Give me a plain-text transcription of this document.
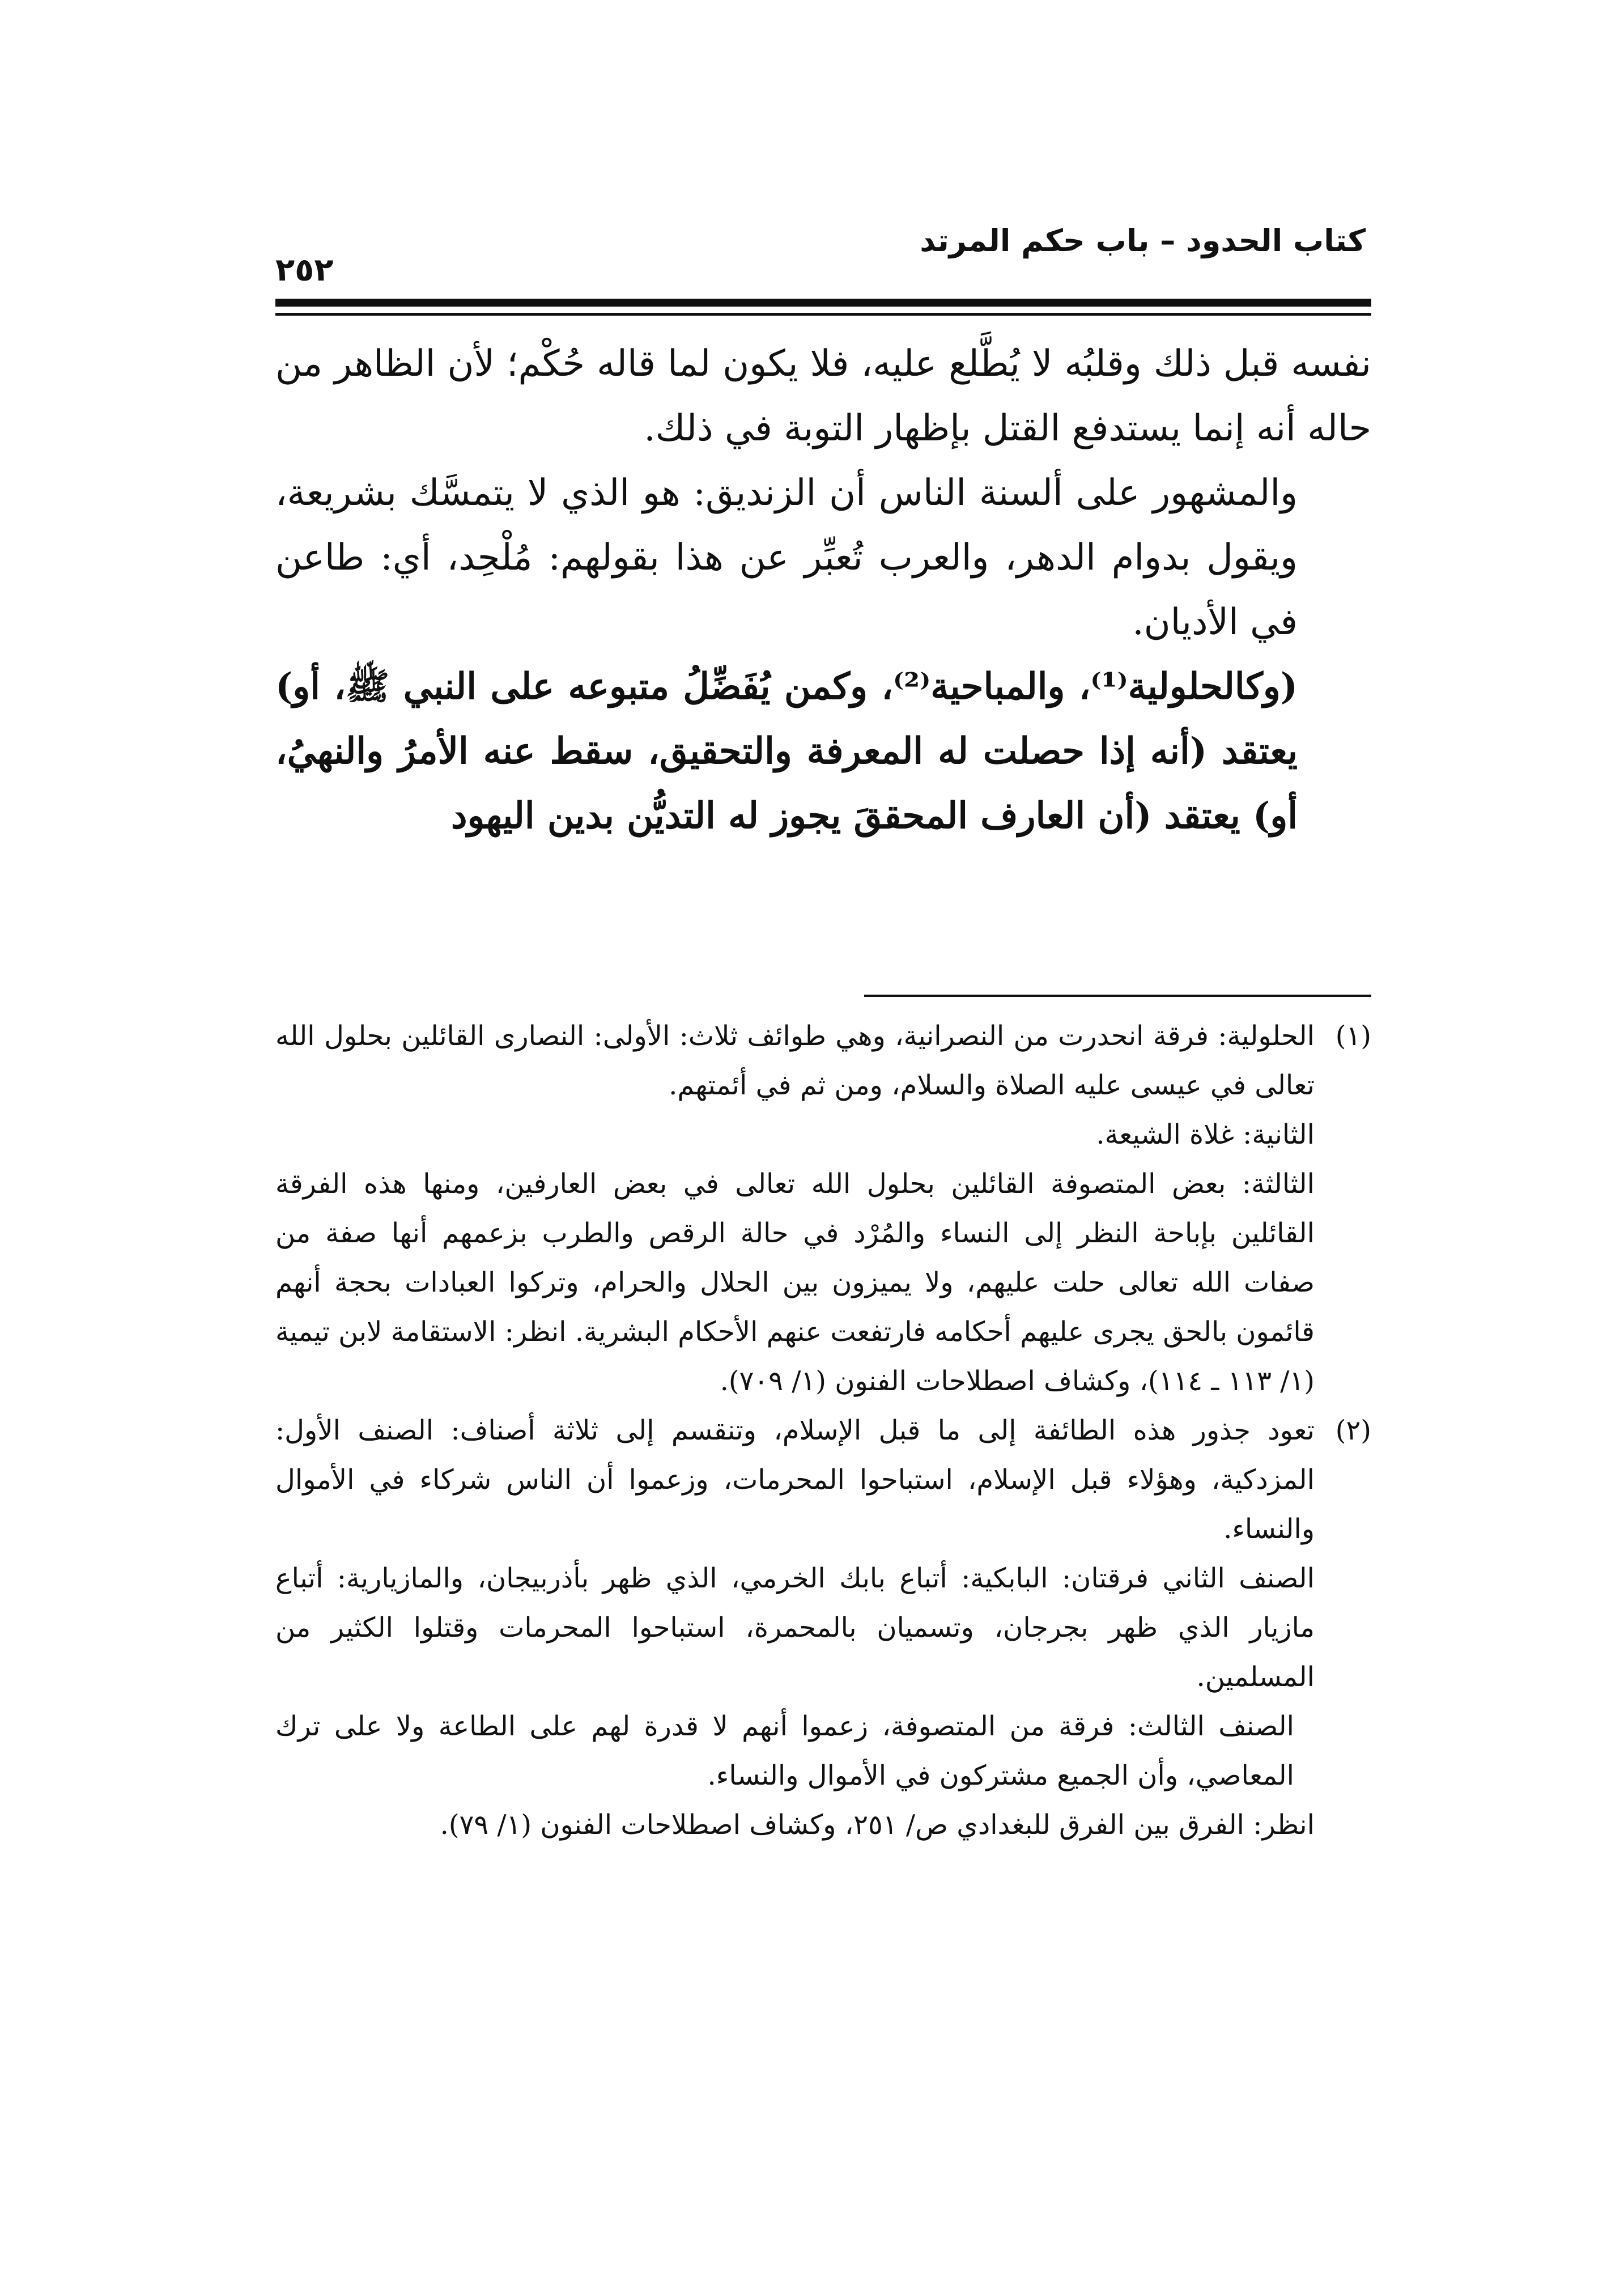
كتاب الحدود – باب حكم المرتد
٢٥٢

نفسه قبل ذلك وقلبُه لا يُطَّلع عليه، فلا يكون لما قاله حُكْم؛ لأن الظاهر من حاله أنه إنما يستدفع القتل بإظهار التوبة في ذلك.

والمشهور على ألسنة الناس أن الزنديق: هو الذي لا يتمسَّك بشريعة، ويقول بدوام الدهر، والعرب تُعبِّر عن هذا بقولهم: مُلْحِد، أي: طاعن في الأديان.

(وكالحلولية⁽¹⁾، والمباحية⁽²⁾، وكمن يُفَضِّلُ متبوعه على النبي ﷺ، أو) يعتقد (أنه إذا حصلت له المعرفة والتحقيق، سقط عنه الأمرُ والنهيُ، أو) يعتقد (أن العارف المحققَ يجوز له التديُّن بدين اليهود

(١)

الحلولية: فرقة انحدرت من النصرانية، وهي طوائف ثلاث: الأولى: النصارى القائلين بحلول الله تعالى في عيسى عليه الصلاة والسلام، ومن ثم في أئمتهم.

الثانية: غلاة الشيعة.

الثالثة: بعض المتصوفة القائلين بحلول الله تعالى في بعض العارفين، ومنها هذه الفرقة القائلين بإباحة النظر إلى النساء والمُرْد في حالة الرقص والطرب بزعمهم أنها صفة من صفات الله تعالى حلت عليهم، ولا يميزون بين الحلال والحرام، وتركوا العبادات بحجة أنهم قائمون بالحق يجرى عليهم أحكامه فارتفعت عنهم الأحكام البشرية. انظر: الاستقامة لابن تيمية (١/ ١١٣ ـ ١١٤)، وكشاف اصطلاحات الفنون (١/ ٧٠٩).

(٢)

تعود جذور هذه الطائفة إلى ما قبل الإسلام، وتنقسم إلى ثلاثة أصناف: الصنف الأول: المزدكية، وهؤلاء قبل الإسلام، استباحوا المحرمات، وزعموا أن الناس شركاء في الأموال والنساء.

الصنف الثاني فرقتان: البابكية: أتباع بابك الخرمي، الذي ظهر بأذربيجان، والمازيارية: أتباع مازيار الذي ظهر بجرجان، وتسميان بالمحمرة، استباحوا المحرمات وقتلوا الكثير من المسلمين.

الصنف الثالث: فرقة من المتصوفة، زعموا أنهم لا قدرة لهم على الطاعة ولا على ترك المعاصي، وأن الجميع مشتركون في الأموال والنساء.

انظر: الفرق بين الفرق للبغدادي ص/ ٢٥١، وكشاف اصطلاحات الفنون (١/ ٧٩).
